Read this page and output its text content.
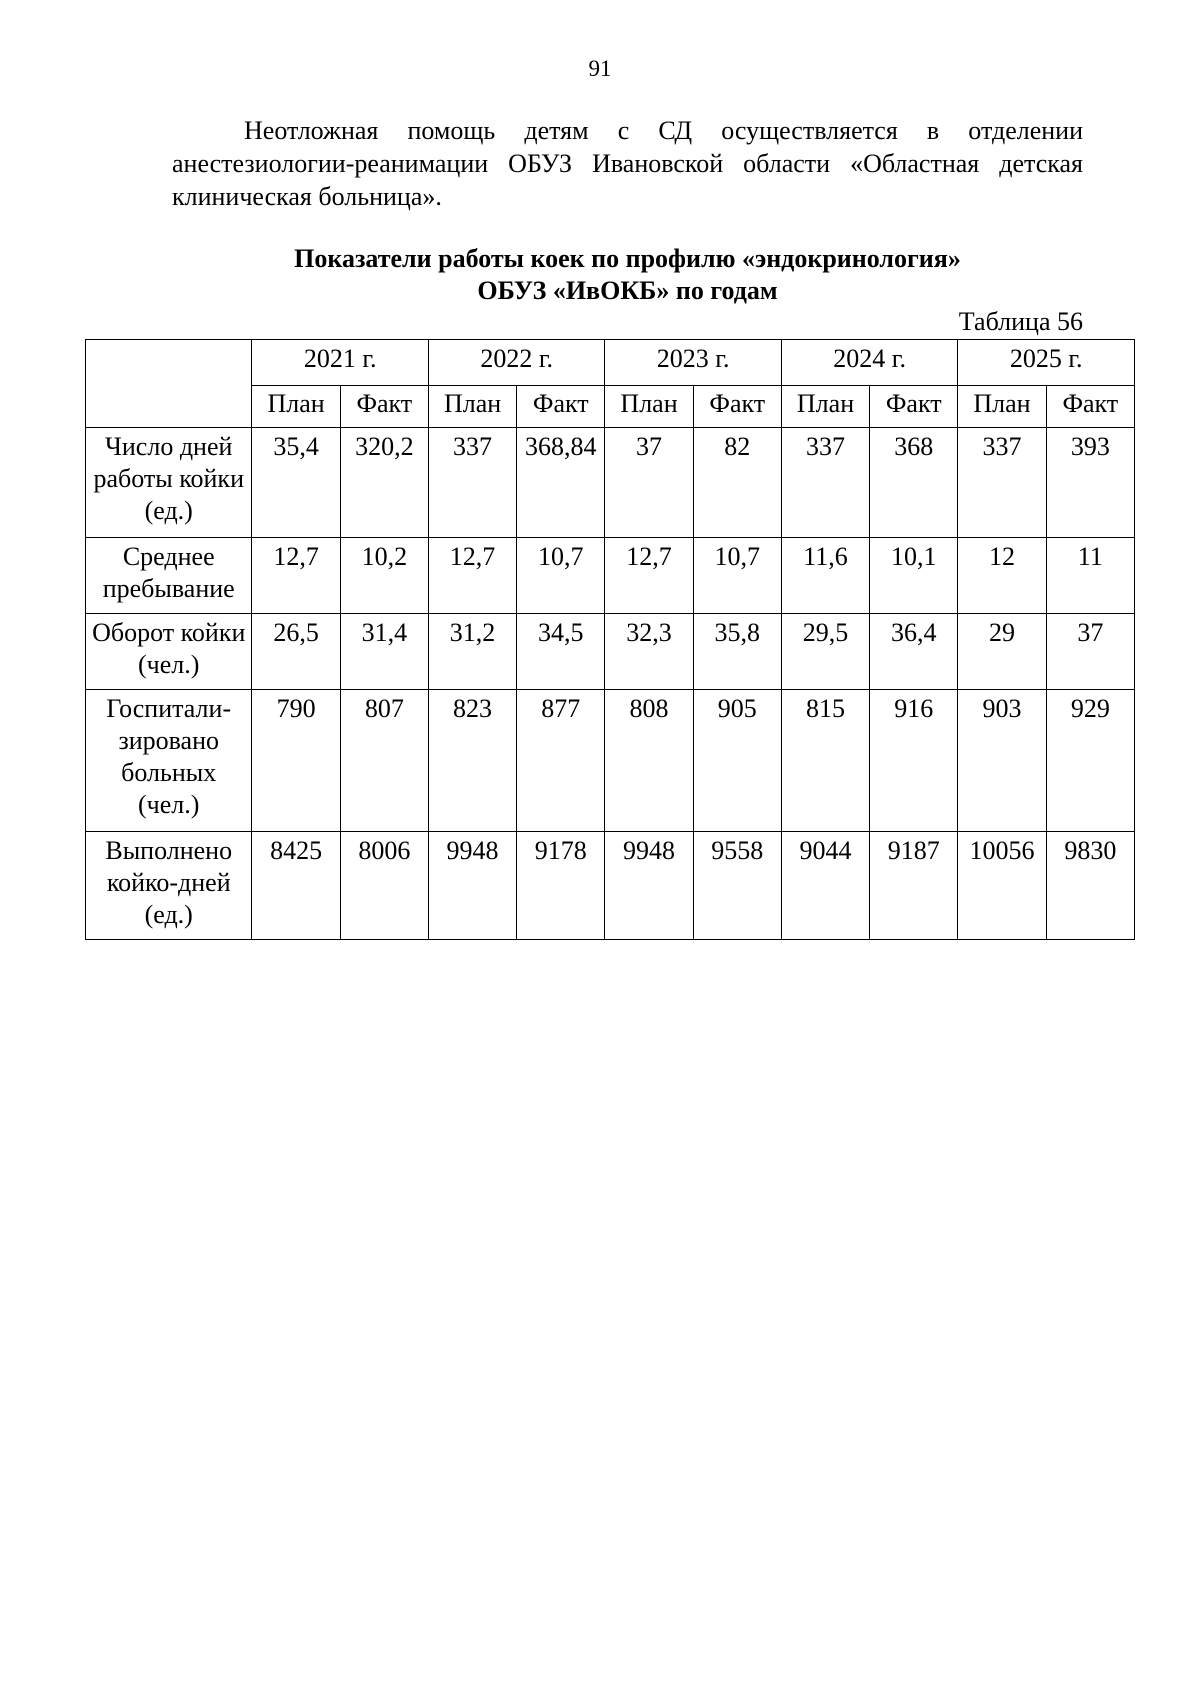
91

Неотложная помощь детям с СД осуществляется в отделении анестезиологии-реанимации ОБУЗ Ивановской области «Областная детская клиническая больница».

Показатели работы коек по профилю «эндокринология»
ОБУЗ «ИвОКБ» по годам
Таблица 56
	2021 г.		2022 г.		2023 г.		2024 г.		2025 г.	
	План	Факт	План	Факт	План	Факт	План	Факт	План	Факт
Число дней работы койки (ед.)	35,4	320,2	337	368,84	37	82	337	368	337	393
Среднее пребывание	12,7	10,2	12,7	10,7	12,7	10,7	11,6	10,1	12	11
Оборот койки (чел.)	26,5	31,4	31,2	34,5	32,3	35,8	29,5	36,4	29	37
Госпитали-зировано больных (чел.)	790	807	823	877	808	905	815	916	903	929
Выполнено койко-дней (ед.)	8425	8006	9948	9178	9948	9558	9044	9187	10056	9830
